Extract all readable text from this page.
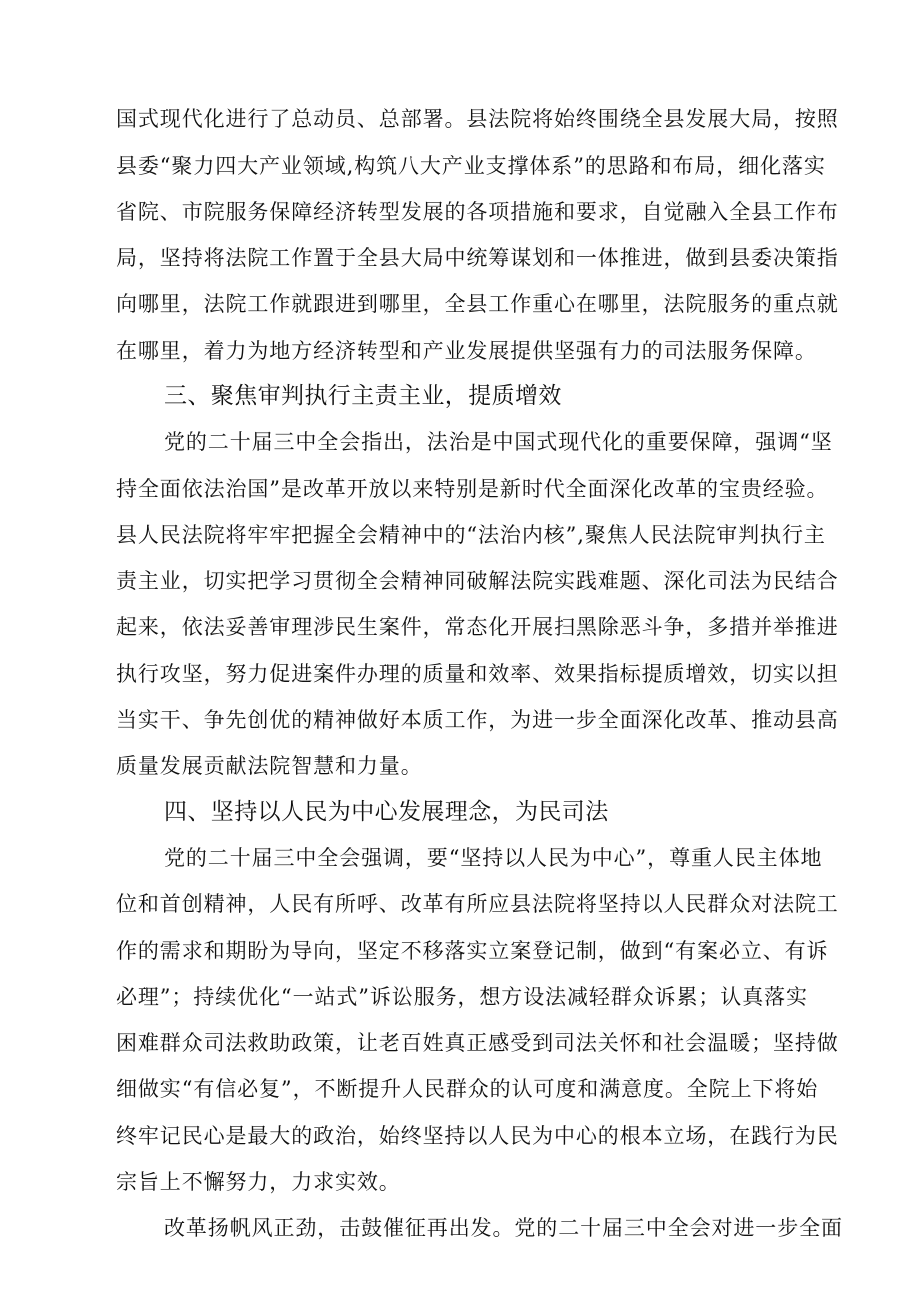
国式现代化进行了总动员、总部署。县法院将始终围绕全县发展大局，按照
县委“聚力四大产业领域,构筑八大产业支撑体系”的思路和布局，细化落实
省院、市院服务保障经济转型发展的各项措施和要求，自觉融入全县工作布
局，坚持将法院工作置于全县大局中统筹谋划和一体推进，做到县委决策指
向哪里，法院工作就跟进到哪里，全县工作重心在哪里，法院服务的重点就
在哪里，着力为地方经济转型和产业发展提供坚强有力的司法服务保障。
三、聚焦审判执行主责主业，提质增效
党的二十届三中全会指出，法治是中国式现代化的重要保障，强调“坚
持全面依法治国”是改革开放以来特别是新时代全面深化改革的宝贵经验。
县人民法院将牢牢把握全会精神中的“法治内核”,聚焦人民法院审判执行主
责主业，切实把学习贯彻全会精神同破解法院实践难题、深化司法为民结合
起来，依法妥善审理涉民生案件，常态化开展扫黑除恶斗争，多措并举推进
执行攻坚，努力促进案件办理的质量和效率、效果指标提质增效，切实以担
当实干、争先创优的精神做好本质工作，为进一步全面深化改革、推动县高
质量发展贡献法院智慧和力量。
四、坚持以人民为中心发展理念，为民司法
党的二十届三中全会强调，要“坚持以人民为中心”，尊重人民主体地
位和首创精神，人民有所呼、改革有所应县法院将坚持以人民群众对法院工
作的需求和期盼为导向，坚定不移落实立案登记制，做到“有案必立、有诉
必理”；持续优化“一站式”诉讼服务，想方设法减轻群众诉累；认真落实
困难群众司法救助政策，让老百姓真正感受到司法关怀和社会温暖；坚持做
细做实“有信必复”，不断提升人民群众的认可度和满意度。全院上下将始
终牢记民心是最大的政治，始终坚持以人民为中心的根本立场，在践行为民
宗旨上不懈努力，力求实效。
改革扬帆风正劲，击鼓催征再出发。党的二十届三中全会对进一步全面
